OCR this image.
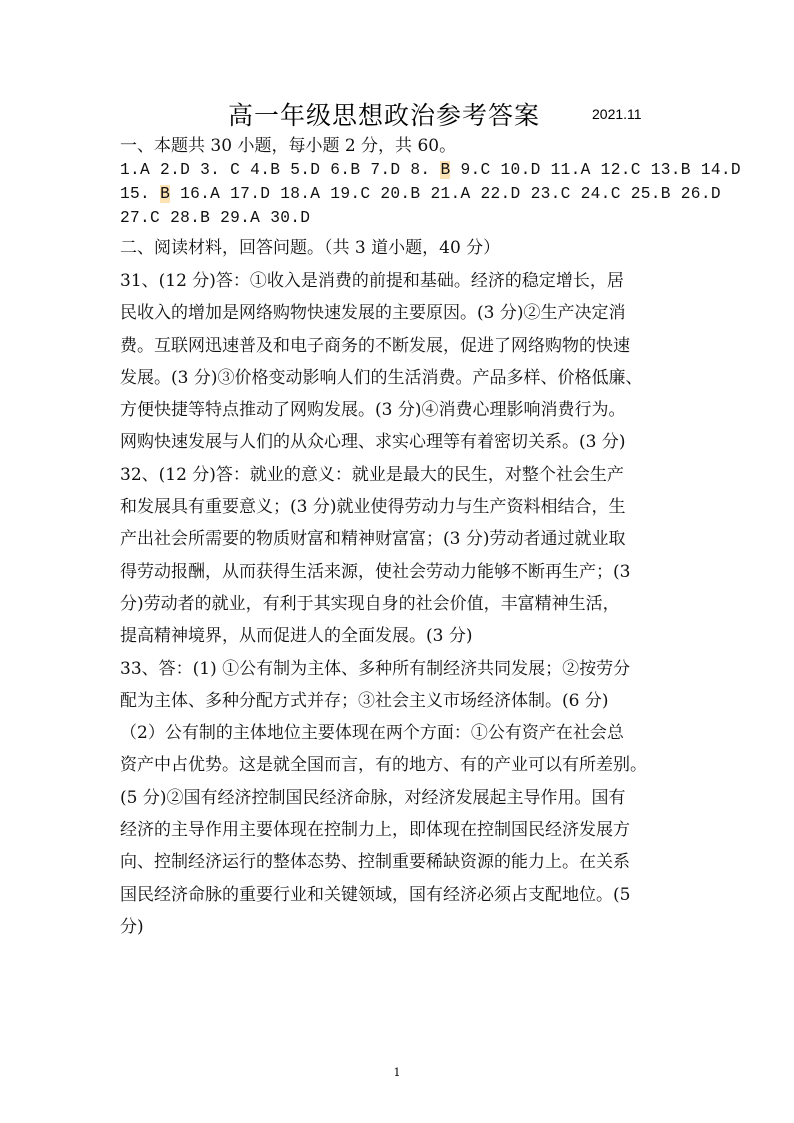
高一年级思想政治参考答案	2021.11
一、本题共 30 小题，每小题 2 分，共 60。
1.A 2.D 3. C 4.B 5.D 6.B 7.D 8. B 9.C 10.D 11.A 12.C 13.B 14.D
15. B 16.A 17.D 18.A 19.C 20.B 21.A 22.D 23.C 24.C 25.B 26.D
27.C 28.B 29.A 30.D
二、阅读材料，回答问题。（共 3 道小题，40 分）
31、(12 分)答：①收入是消费的前提和基础。经济的稳定增长，居
民收入的增加是网络购物快速发展的主要原因。(3 分)②生产决定消
费。互联网迅速普及和电子商务的不断发展，促进了网络购物的快速
发展。(3 分)③价格变动影响人们的生活消费。产品多样、价格低廉、
方便快捷等特点推动了网购发展。(3 分)④消费心理影响消费行为。
网购快速发展与人们的从众心理、求实心理等有着密切关系。(3 分)
32、(12 分)答：就业的意义：就业是最大的民生，对整个社会生产
和发展具有重要意义；(3 分)就业使得劳动力与生产资料相结合，生
产出社会所需要的物质财富和精神财富富；(3 分)劳动者通过就业取
得劳动报酬，从而获得生活来源，使社会劳动力能够不断再生产；(3
分)劳动者的就业，有利于其实现自身的社会价值，丰富精神生活，
提高精神境界，从而促进人的全面发展。(3 分)
33、答：(1) ①公有制为主体、多种所有制经济共同发展；②按劳分
配为主体、多种分配方式并存；③社会主义市场经济体制。(6 分)
（2）公有制的主体地位主要体现在两个方面：①公有资产在社会总
资产中占优势。这是就全国而言，有的地方、有的产业可以有所差别。
(5 分)②国有经济控制国民经济命脉，对经济发展起主导作用。国有
经济的主导作用主要体现在控制力上，即体现在控制国民经济发展方
向、控制经济运行的整体态势、控制重要稀缺资源的能力上。在关系
国民经济命脉的重要行业和关键领域，国有经济必须占支配地位。(5
分)
1
